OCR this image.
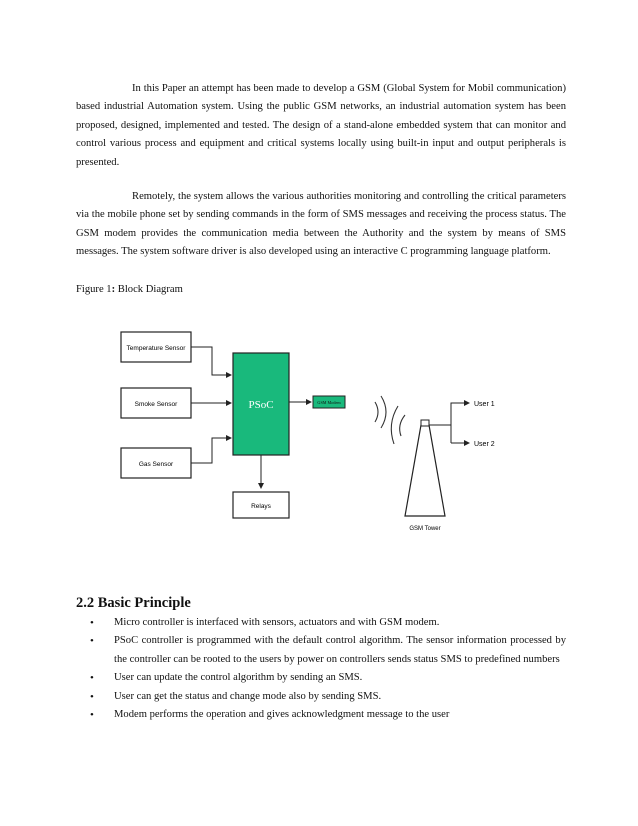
In this Paper an attempt has been made to develop a GSM (Global System for Mobil communication) based industrial Automation system. Using the public GSM networks, an industrial automation system has been proposed, designed, implemented and tested. The design of a stand-alone embedded system that can monitor and control various process and equipment and critical systems locally using built-in input and output peripherals is presented.

Remotely, the system allows the various authorities monitoring and controlling the critical parameters via the mobile phone set by sending commands in the form of SMS messages and receiving the process status. The GSM modem provides the communication media between the Authority and the system by means of SMS messages. The system software driver is also developed using an interactive C programming language platform.

Figure 1: Block Diagram

Temperature Sensor
Smoke Sensor
Gas Sensor
PSoC	GSM Modem
Relays
GSM Tower
User 1
User 2
2.2 Basic Principle
• Micro controller is interfaced with sensors, actuators and with GSM modem.
• PSoC controller is programmed with the default control algorithm. The sensor information processed by the controller can be rooted to the users by power on controllers sends status SMS to predefined numbers
• User can update the control algorithm by sending an SMS.
• User can get the status and change mode also by sending SMS.
• Modem performs the operation and gives acknowledgment message to the user
